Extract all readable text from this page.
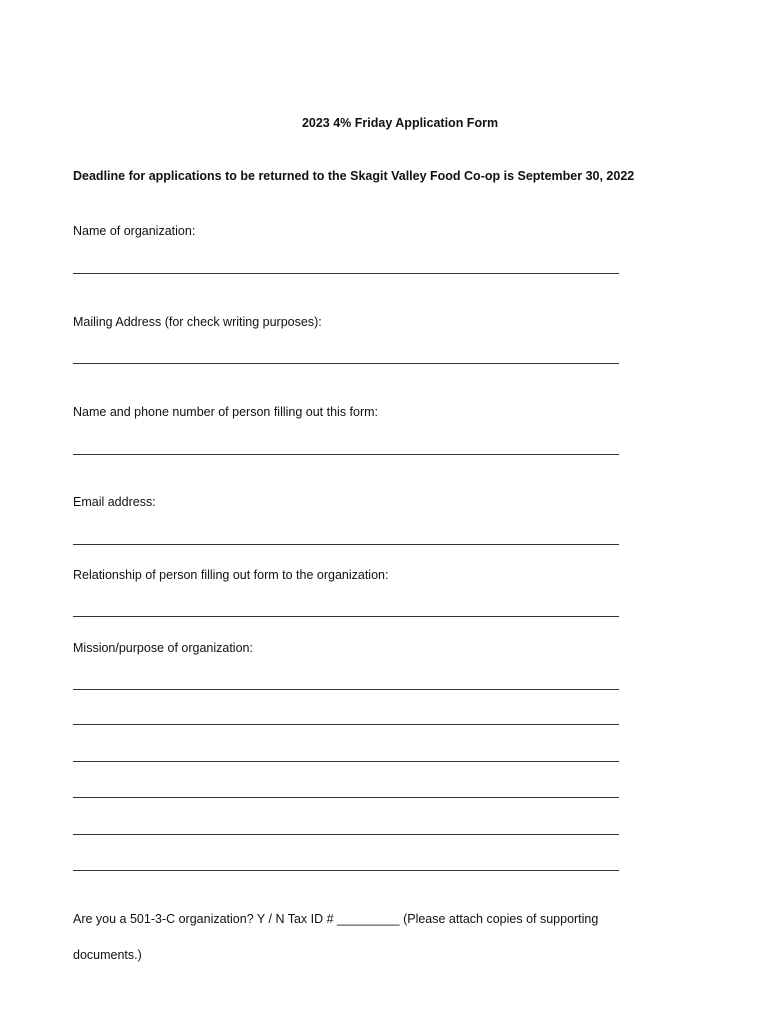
2023 4% Friday Application Form
Deadline for applications to be returned to the Skagit Valley Food Co-op is September 30, 2022
Name of organization:
Mailing Address (for check writing purposes):
Name and phone number of person filling out this form:
Email address:
Relationship of person filling out form to the organization:
Mission/purpose of organization:
Are you a 501-3-C organization? Y / N Tax ID # _________ (Please attach copies of supporting
documents.)
